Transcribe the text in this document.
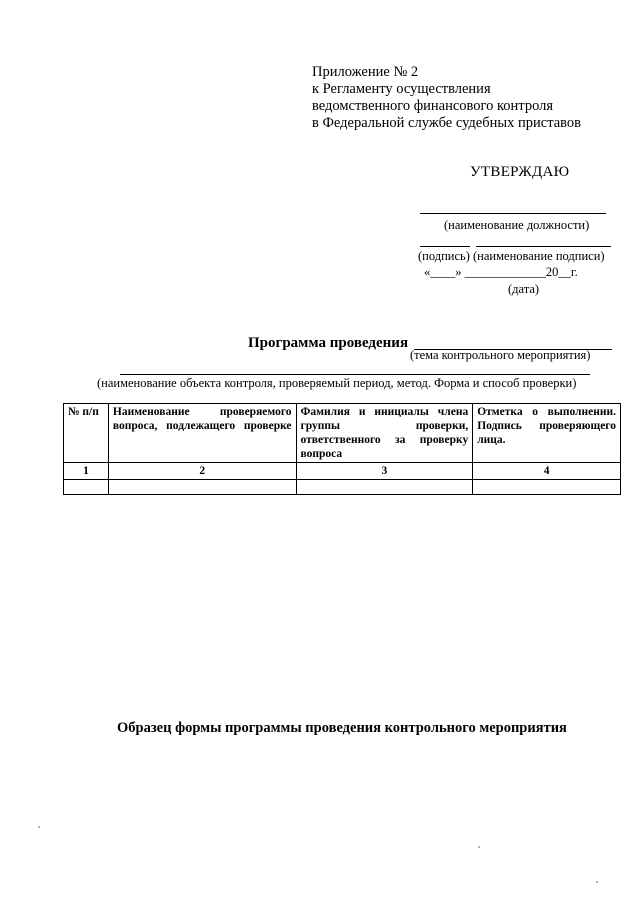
Приложение № 2
к Регламенту осуществления
ведомственного финансового контроля
в Федеральной службе судебных приставов
УТВЕРЖДАЮ
(наименование должности)
(подпись) (наименование подписи)
«____» _____________20__г.
(дата)
Программа проведения
(тема контрольного мероприятия)
(наименование объекта контроля, проверяемый период, метод. Форма и способ проверки)
№ п/п	Наименование проверяемого вопроса, подлежащего проверке	Фамилия и инициалы члена группы проверки, ответственного за проверку вопроса	Отметка о выполнении. Подпись проверяющего лица.
1	2	3	4

Образец формы программы проведения контрольного мероприятия
